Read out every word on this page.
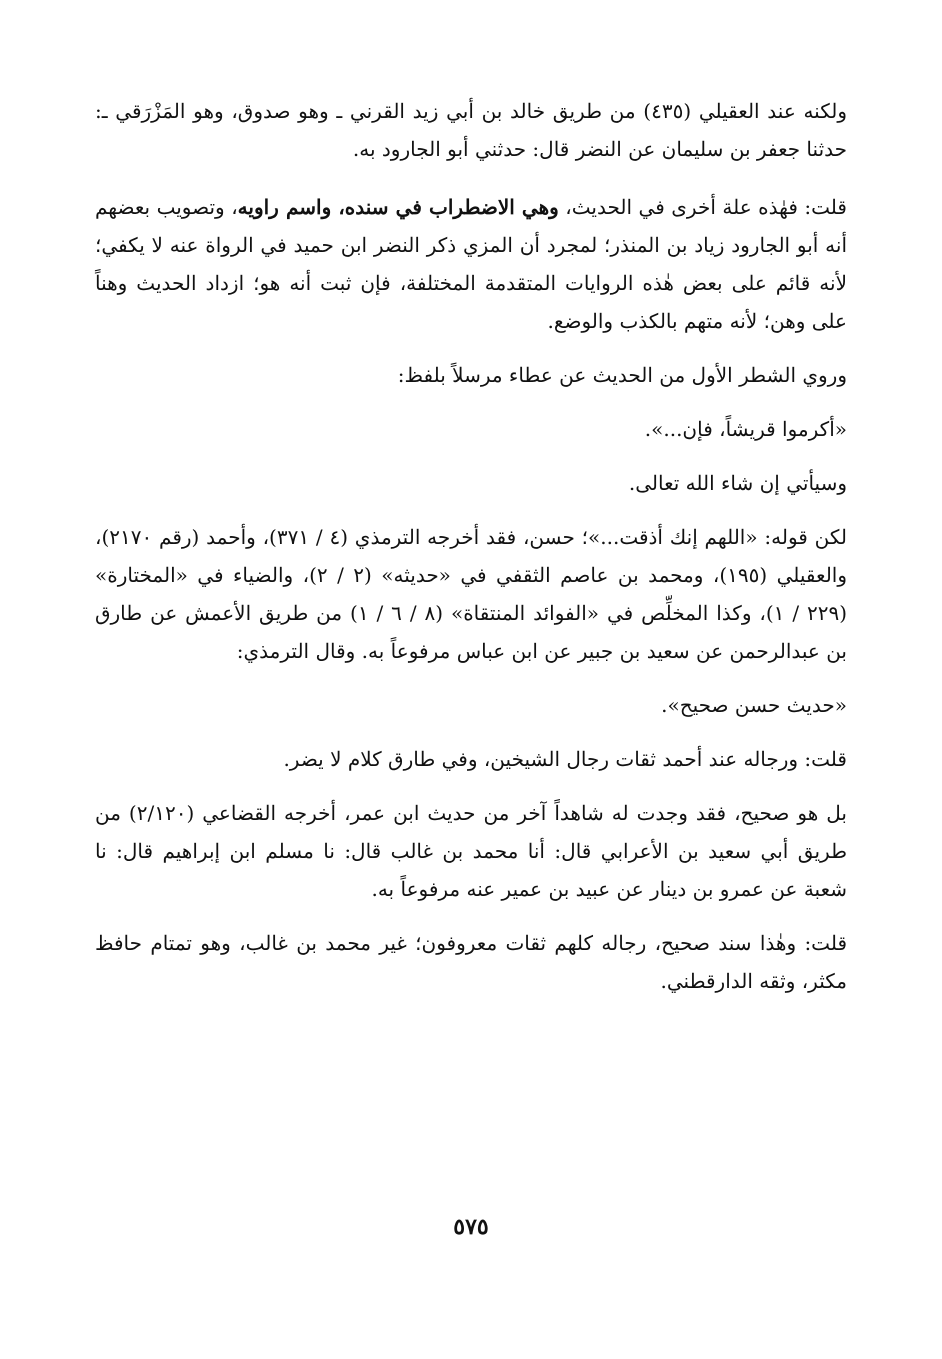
ولكنه عند العقيلي (٤٣٥) من طريق خالد بن أبي زيد القرني ـ وهو صدوق، وهو المَزْرَقي ـ: حدثنا جعفر بن سليمان عن النضر قال: حدثني أبو الجارود به.

قلت: فهٰذه علة أخرى في الحديث، وهي الاضطراب في سنده، واسم راويه، وتصويب بعضهم أنه أبو الجارود زياد بن المنذر؛ لمجرد أن المزي ذكر النضر ابن حميد في الرواة عنه لا يكفي؛ لأنه قائم على بعض هٰذه الروايات المتقدمة المختلفة، فإن ثبت أنه هو؛ ازداد الحديث وهناً على وهن؛ لأنه متهم بالكذب والوضع.

وروي الشطر الأول من الحديث عن عطاء مرسلاً بلفظ:

«أكرموا قريشاً، فإن...».

وسيأتي إن شاء الله تعالى.

لكن قوله: «اللهم إنك أذقت...»؛ حسن، فقد أخرجه الترمذي (٤ / ٣٧١)، وأحمد (رقم ٢١٧٠)، والعقيلي (١٩٥)، ومحمد بن عاصم الثقفي في «حديثه» (٢ / ٢)، والضياء في «المختارة» (٢٢٩ / ١)، وكذا المخلِّص في «الفوائد المنتقاة» (٨ / ٦ / ١) من طريق الأعمش عن طارق بن عبدالرحمن عن سعيد بن جبير عن ابن عباس مرفوعاً به. وقال الترمذي:

«حديث حسن صحيح».

قلت: ورجاله عند أحمد ثقات رجال الشيخين، وفي طارق كلام لا يضر.

بل هو صحيح، فقد وجدت له شاهداً آخر من حديث ابن عمر، أخرجه القضاعي (٢/١٢٠) من طريق أبي سعيد بن الأعرابي قال: أنا محمد بن غالب قال: نا مسلم ابن إبراهيم قال: نا شعبة عن عمرو بن دينار عن عبيد بن عمير عنه مرفوعاً به.

قلت: وهٰذا سند صحيح، رجاله كلهم ثقات معروفون؛ غير محمد بن غالب، وهو تمتام حافظ مكثر، وثقه الدارقطني.

٥٧٥
